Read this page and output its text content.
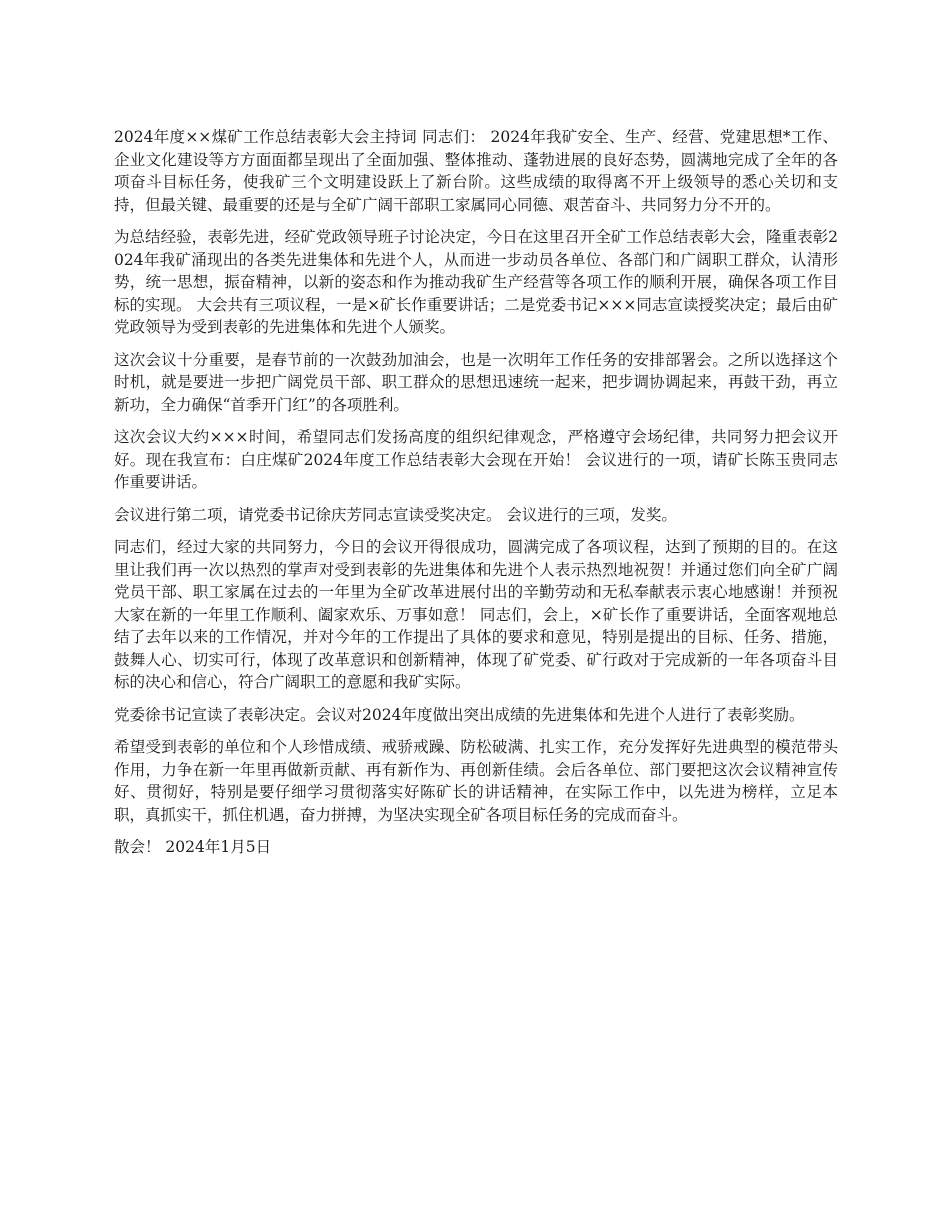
2024年度××煤矿工作总结表彰大会主持词 同志们： 2024年我矿安全、生产、经营、党建思想*工作、企业文化建设等方方面面都呈现出了全面加强、整体推动、蓬勃进展的良好态势，圆满地完成了全年的各项奋斗目标任务，使我矿三个文明建设跃上了新台阶。这些成绩的取得离不开上级领导的悉心关切和支持，但最关键、最重要的还是与全矿广阔干部职工家属同心同德、艰苦奋斗、共同努力分不开的。

为总结经验，表彰先进，经矿党政领导班子讨论决定，今日在这里召开全矿工作总结表彰大会，隆重表彰2024年我矿涌现出的各类先进集体和先进个人，从而进一步动员各单位、各部门和广阔职工群众，认清形势，统一思想，振奋精神，以新的姿态和作为推动我矿生产经营等各项工作的顺利开展，确保各项工作目标的实现。 大会共有三项议程，一是×矿长作重要讲话；二是党委书记×××同志宣读授奖决定；最后由矿党政领导为受到表彰的先进集体和先进个人颁奖。

这次会议十分重要，是春节前的一次鼓劲加油会，也是一次明年工作任务的安排部署会。之所以选择这个时机，就是要进一步把广阔党员干部、职工群众的思想迅速统一起来，把步调协调起来，再鼓干劲，再立新功，全力确保“首季开门红”的各项胜利。

这次会议大约×××时间，希望同志们发扬高度的组织纪律观念，严格遵守会场纪律，共同努力把会议开好。现在我宣布：白庄煤矿2024年度工作总结表彰大会现在开始！ 会议进行的一项，请矿长陈玉贵同志作重要讲话。

会议进行第二项，请党委书记徐庆芳同志宣读受奖决定。 会议进行的三项，发奖。

同志们，经过大家的共同努力，今日的会议开得很成功，圆满完成了各项议程，达到了预期的目的。在这里让我们再一次以热烈的掌声对受到表彰的先进集体和先进个人表示热烈地祝贺！并通过您们向全矿广阔党员干部、职工家属在过去的一年里为全矿改革进展付出的辛勤劳动和无私奉献表示衷心地感谢！并预祝大家在新的一年里工作顺利、阖家欢乐、万事如意！ 同志们，会上，×矿长作了重要讲话，全面客观地总结了去年以来的工作情况，并对今年的工作提出了具体的要求和意见，特别是提出的目标、任务、措施，鼓舞人心、切实可行，体现了改革意识和创新精神，体现了矿党委、矿行政对于完成新的一年各项奋斗目标的决心和信心，符合广阔职工的意愿和我矿实际。

党委徐书记宣读了表彰决定。会议对2024年度做出突出成绩的先进集体和先进个人进行了表彰奖励。

希望受到表彰的单位和个人珍惜成绩、戒骄戒躁、防松破满、扎实工作，充分发挥好先进典型的模范带头作用，力争在新一年里再做新贡献、再有新作为、再创新佳绩。会后各单位、部门要把这次会议精神宣传好、贯彻好，特别是要仔细学习贯彻落实好陈矿长的讲话精神，在实际工作中，以先进为榜样，立足本职，真抓实干，抓住机遇，奋力拼搏，为坚决实现全矿各项目标任务的完成而奋斗。

散会！ 2024年1月5日
